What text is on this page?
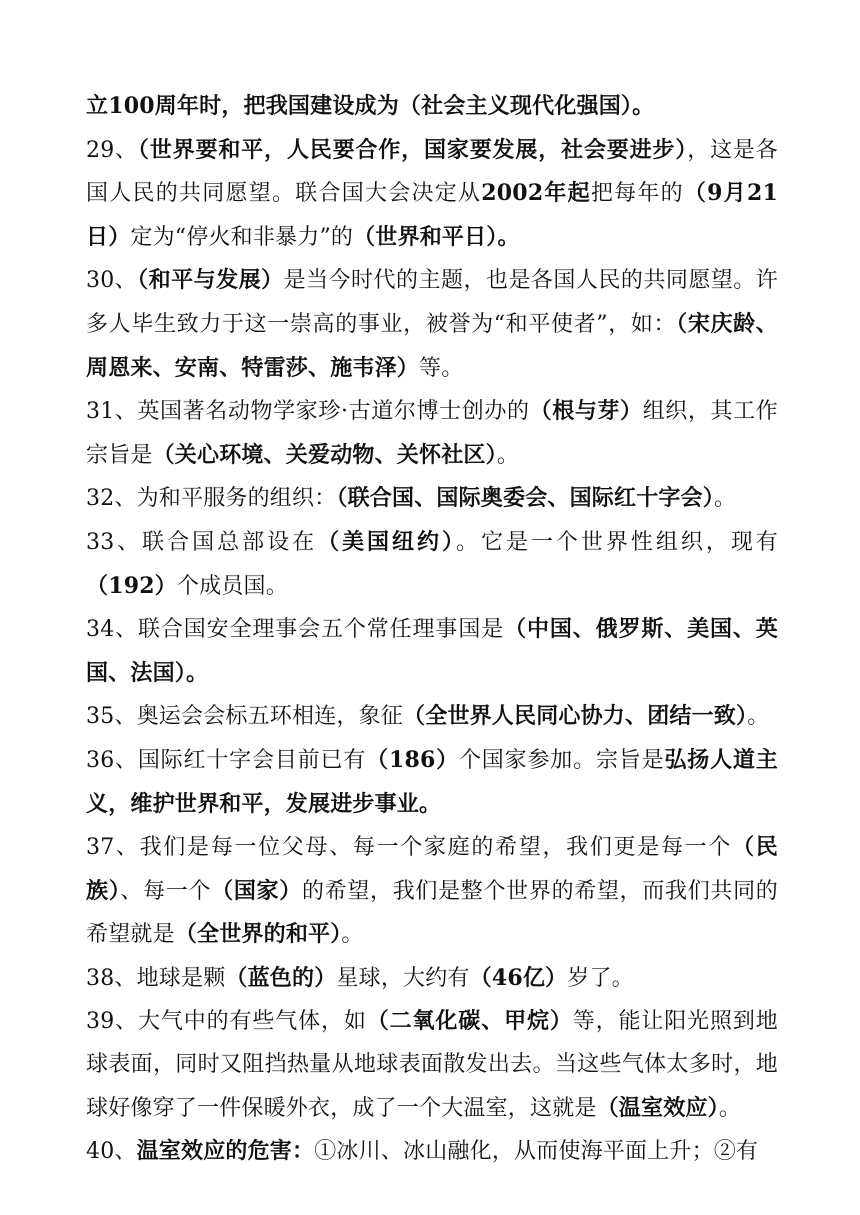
立100周年时，把我国建设成为（社会主义现代化强国）。

29、（世界要和平，人民要合作，国家要发展，社会要进步），这是各国人民的共同愿望。联合国大会决定从2002年起把每年的（9月21日）定为“停火和非暴力”的（世界和平日）。

30、（和平与发展）是当今时代的主题，也是各国人民的共同愿望。许多人毕生致力于这一崇高的事业，被誉为“和平使者”，如：（宋庆龄、周恩来、安南、特雷莎、施韦泽）等。

31、英国著名动物学家珍·古道尔博士创办的（根与芽）组织，其工作宗旨是（关心环境、关爱动物、关怀社区）。

32、为和平服务的组织：（联合国、国际奥委会、国际红十字会）。

33、联合国总部设在（美国纽约）。它是一个世界性组织，现有（192）个成员国。

34、联合国安全理事会五个常任理事国是（中国、俄罗斯、美国、英国、法国）。

35、奥运会会标五环相连，象征（全世界人民同心协力、团结一致）。

36、国际红十字会目前已有（186）个国家参加。宗旨是弘扬人道主义，维护世界和平，发展进步事业。

37、我们是每一位父母、每一个家庭的希望，我们更是每一个（民族）、每一个（国家）的希望，我们是整个世界的希望，而我们共同的希望就是（全世界的和平）。

38、地球是颗（蓝色的）星球，大约有（46亿）岁了。

39、大气中的有些气体，如（二氧化碳、甲烷）等，能让阳光照到地球表面，同时又阻挡热量从地球表面散发出去。当这些气体太多时，地球好像穿了一件保暖外衣，成了一个大温室，这就是（温室效应）。

40、温室效应的危害：①冰川、冰山融化，从而使海平面上升；②有
